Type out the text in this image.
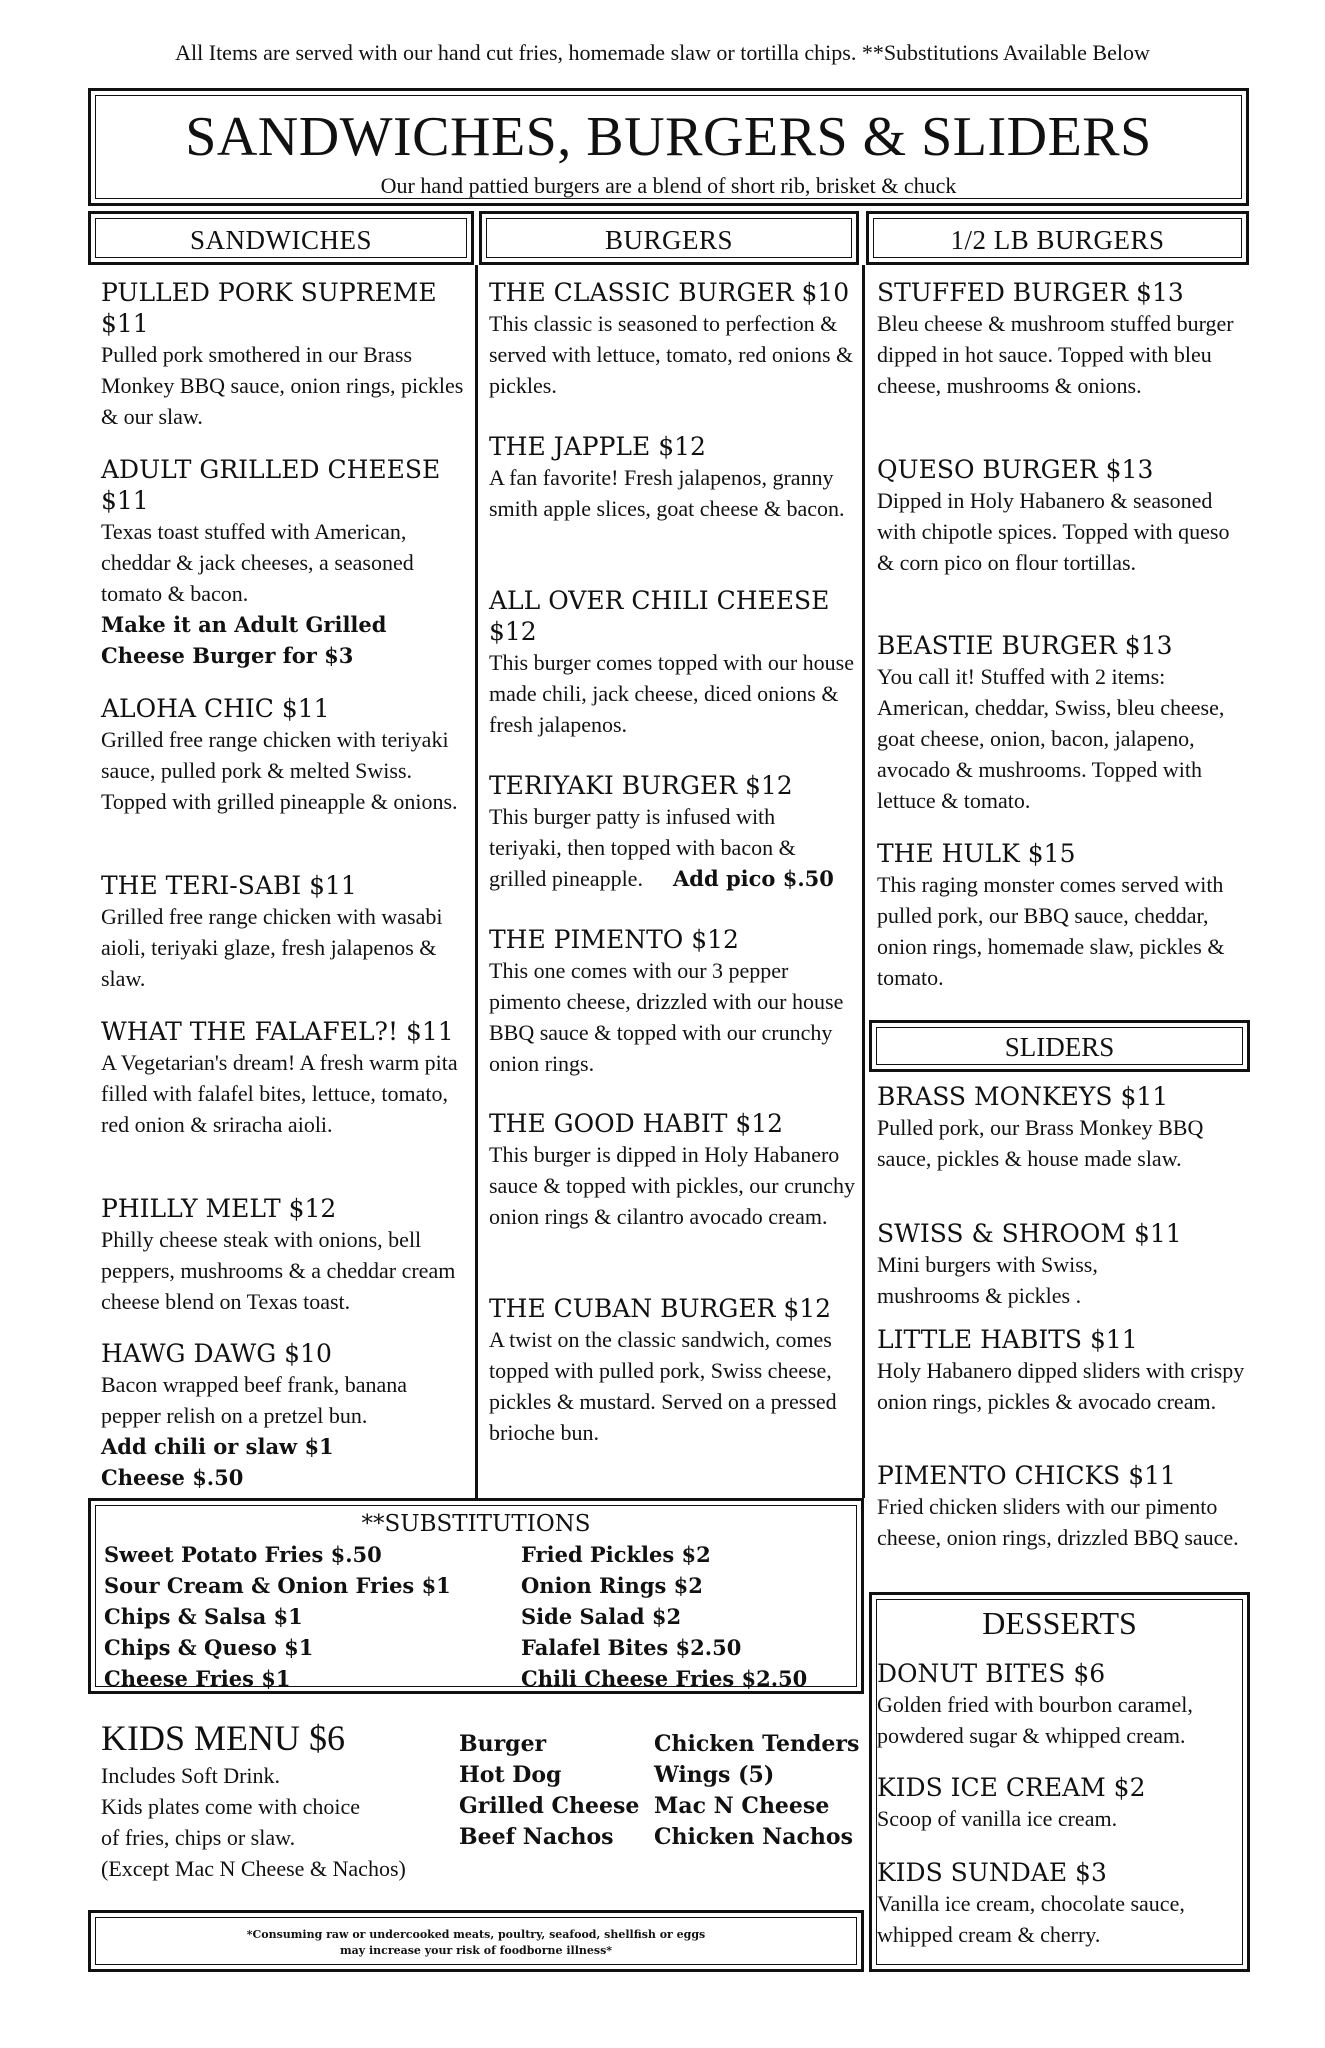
All Items are served with our hand cut fries, homemade slaw or tortilla chips. **Substitutions Available Below
SANDWICHES, BURGERS & SLIDERS
Our hand pattied burgers are a blend of short rib, brisket & chuck
SANDWICHES	BURGERS	1/2 LB BURGERS
PULLED PORK SUPREME $11
Pulled pork smothered in our Brass Monkey BBQ sauce, onion rings, pickles & our slaw.
ADULT GRILLED CHEESE $11
Texas toast stuffed with American, cheddar & jack cheeses, a seasoned tomato & bacon.
Make it an Adult Grilled Cheese Burger for $3
ALOHA CHIC $11
Grilled free range chicken with teriyaki sauce, pulled pork & melted Swiss. Topped with grilled pineapple & onions.
THE TERI-SABI $11
Grilled free range chicken with wasabi aioli, teriyaki glaze, fresh jalapenos & slaw.
WHAT THE FALAFEL?! $11
A Vegetarian's dream! A fresh warm pita filled with falafel bites, lettuce, tomato, red onion & sriracha aioli.
PHILLY MELT $12
Philly cheese steak with onions, bell peppers, mushrooms & a cheddar cream cheese blend on Texas toast.
HAWG DAWG $10
Bacon wrapped beef frank, banana pepper relish on a pretzel bun.
Add chili or slaw $1 Cheese $.50
THE CLASSIC BURGER $10
This classic is seasoned to perfection & served with lettuce, tomato, red onions & pickles.
THE JAPPLE $12
A fan favorite! Fresh jalapenos, granny smith apple slices, goat cheese & bacon.
ALL OVER CHILI CHEESE $12
This burger comes topped with our house made chili, jack cheese, diced onions & fresh jalapenos.
TERIYAKI BURGER $12
This burger patty is infused with teriyaki, then topped with bacon & grilled pineapple.	Add pico $.50
THE PIMENTO $12
This one comes with our 3 pepper pimento cheese, drizzled with our house BBQ sauce & topped with our crunchy onion rings.
THE GOOD HABIT $12
This burger is dipped in Holy Habanero sauce & topped with pickles, our crunchy onion rings & cilantro avocado cream.
THE CUBAN BURGER $12
A twist on the classic sandwich, comes topped with pulled pork, Swiss cheese, pickles & mustard. Served on a pressed brioche bun.
STUFFED BURGER $13
Bleu cheese & mushroom stuffed burger dipped in hot sauce. Topped with bleu cheese, mushrooms & onions.
QUESO BURGER $13
Dipped in Holy Habanero & seasoned with chipotle spices. Topped with queso & corn pico on flour tortillas.
BEASTIE BURGER $13
You call it! Stuffed with 2 items: American, cheddar, Swiss, bleu cheese, goat cheese, onion, bacon, jalapeno, avocado & mushrooms. Topped with lettuce & tomato.
THE HULK $15
This raging monster comes served with pulled pork, our BBQ sauce, cheddar, onion rings, homemade slaw, pickles & tomato.
SLIDERS
BRASS MONKEYS $11
Pulled pork, our Brass Monkey BBQ sauce, pickles & house made slaw.
SWISS & SHROOM $11
Mini burgers with Swiss, mushrooms & pickles .
LITTLE HABITS $11
Holy Habanero dipped sliders with crispy onion rings, pickles & avocado cream.
PIMENTO CHICKS $11
Fried chicken sliders with our pimento cheese, onion rings, drizzled BBQ sauce.
DESSERTS
DONUT BITES $6
Golden fried with bourbon caramel, powdered sugar & whipped cream.
KIDS ICE CREAM $2
Scoop of vanilla ice cream.
KIDS SUNDAE $3
Vanilla ice cream, chocolate sauce, whipped cream & cherry.
**SUBSTITUTIONS
Sweet Potato Fries $.50
Sour Cream & Onion Fries $1
Chips & Salsa $1
Chips & Queso $1
Cheese Fries $1
Fried Pickles $2
Onion Rings $2
Side Salad $2
Falafel Bites $2.50
Chili Cheese Fries $2.50
KIDS MENU $6
Includes Soft Drink.
Kids plates come with choice
of fries, chips or slaw.
(Except Mac N Cheese & Nachos)
Burger
Hot Dog
Grilled Cheese
Beef Nachos
Chicken Tenders
Wings (5)
Mac N Cheese
Chicken Nachos
*Consuming raw or undercooked meats, poultry, seafood, shellfish or eggs
may increase your risk of foodborne illness*
